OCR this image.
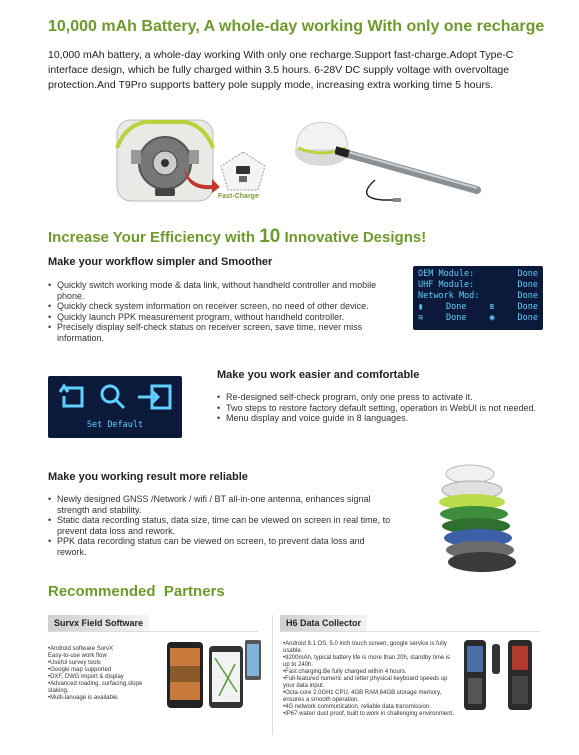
10,000 mAh Battery, A whole-day working With only one recharge
10,000 mAh battery, a whole-day working With only one recharge.Support fast-charge.Adopt Type-C interface design, which be fully charged within 3.5 hours. 6-28V DC supply voltage with overvoltage protection.And T9Pro supports battery pole supply mode, increasing extra working time 5 hours.
Fast-Charge
Increase Your Efficiency with 10 Innovative Designs!
Make your workflow simpler and Smoother
• Quickly switch working mode & data link, without handheld controller and mobile phone.
• Quickly check system information on receiver screen, no need of other device.
• Quickly launch PPK measurement program, without handheld controller.
• Precisely display self-check status on receiver screen, save time, never miss information.
OEM Module:	Done
UHF Module:	Done
Network Mod:	Done
▮	Done	ʙ	Done
≋	Done	◉	Done
Set Default
Make you work easier and comfortable
• Re-designed self-check program, only one press to activate it.
• Two steps to restore factory default setting, operation in WebUI is not needed.
• Menu display and voice guide in 8 languages.
Make you working result more reliable
• Newly designed GNSS /Network / wifi / BT all-in-one antenna, enhances signal strength and stability.
• Static data recording status, data size, time can be viewed on screen in real time, to prevent data loss and rework.
• PPK data recording status can be viewed on screen, to prevent data loss and rework.
Recommended  Partners
Survx Field Software
•Android software SurvX
Easy-to-use work flow
•Useful survey tools
•Google map supported
•DXF, DWG import & display
•Advanced roading, surfacing,slope staking.
•Multi-lanuage is available
H6 Data Collector
•Android 8.1 OS, 5.0 inch touch screen, google service is fully usable.
•9200mAh, typical battery life is more than 20h, standby time is up to 240h.
•Fast charging.Be fully charged within 4 hours.
•Full-featured numeric and letter physical keyboard speeds up your data input.
•Octa-core 2.0GHz CPU, 4GB RAM,64GB storage memory, ensures a smooth operation.
•4G network communication, reliable data transmission.
•IP67 water/ dust proof, built to work in challenging environment.
